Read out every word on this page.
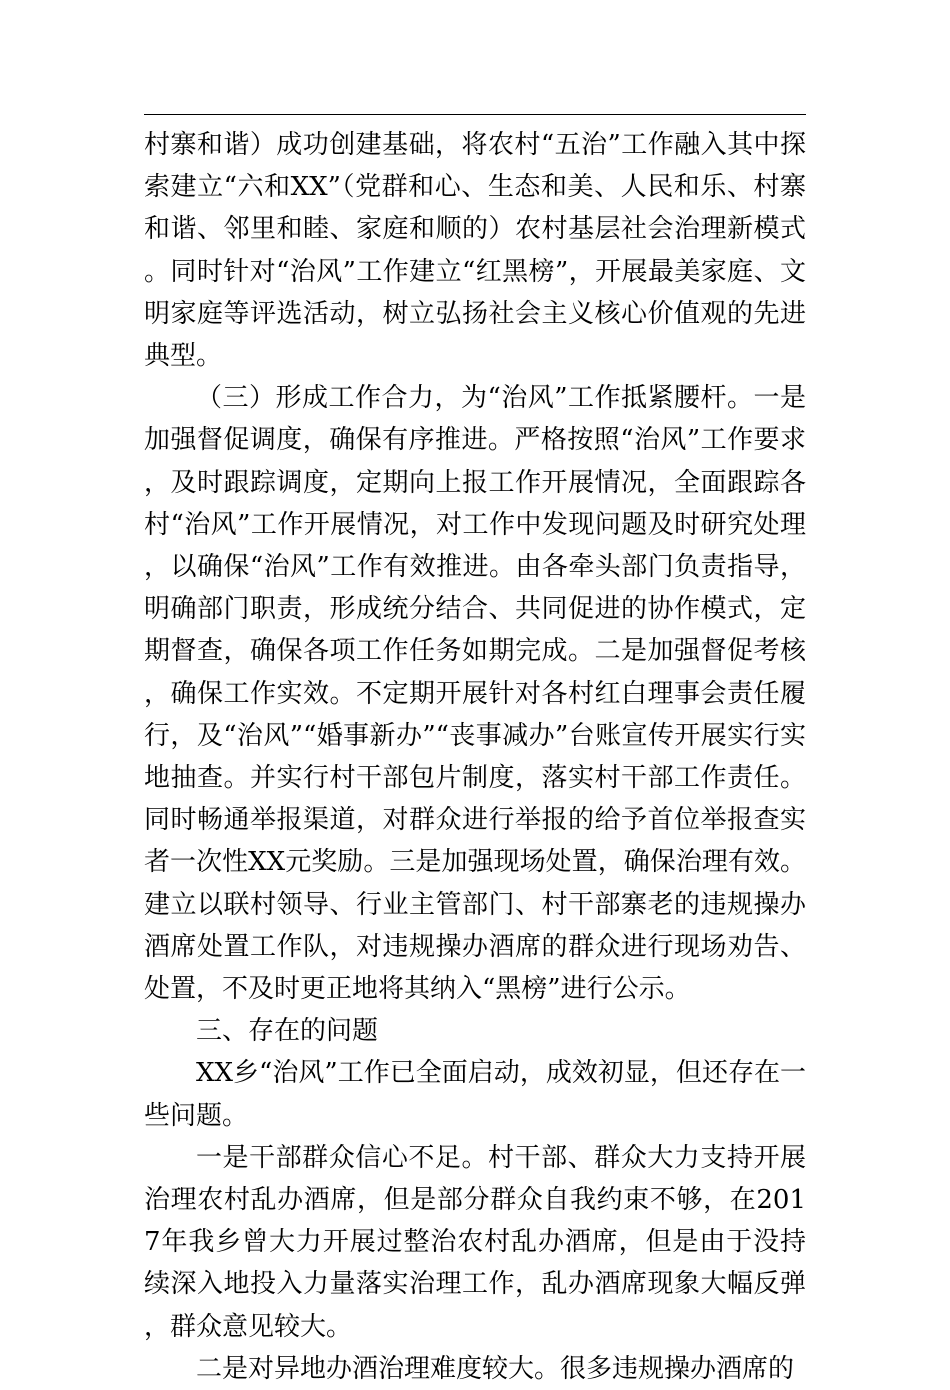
村寨和谐）成功创建基础，将农村“五治”工作融入其中探索建立“六和XX”（党群和心、生态和美、人民和乐、村寨和谐、邻里和睦、家庭和顺的）农村基层社会治理新模式。同时针对“治风”工作建立“红黑榜”，开展最美家庭、文明家庭等评选活动，树立弘扬社会主义核心价值观的先进典型。

（三）形成工作合力，为“治风”工作抵紧腰杆。一是加强督促调度，确保有序推进。严格按照“治风”工作要求，及时跟踪调度，定期向上报工作开展情况，全面跟踪各村“治风”工作开展情况，对工作中发现问题及时研究处理，以确保“治风”工作有效推进。由各牵头部门负责指导，明确部门职责，形成统分结合、共同促进的协作模式，定期督查，确保各项工作任务如期完成。二是加强督促考核，确保工作实效。不定期开展针对各村红白理事会责任履行，及“治风”“婚事新办”“丧事减办”台账宣传开展实行实地抽查。并实行村干部包片制度，落实村干部工作责任。同时畅通举报渠道，对群众进行举报的给予首位举报查实者一次性XX元奖励。三是加强现场处置，确保治理有效。建立以联村领导、行业主管部门、村干部寨老的违规操办酒席处置工作队，对违规操办酒席的群众进行现场劝告、处置，不及时更正地将其纳入“黑榜”进行公示。

三、存在的问题

XX乡“治风”工作已全面启动，成效初显，但还存在一些问题。

一是干部群众信心不足。村干部、群众大力支持开展治理农村乱办酒席，但是部分群众自我约束不够，在2017年我乡曾大力开展过整治农村乱办酒席，但是由于没持续深入地投入力量落实治理工作，乱办酒席现象大幅反弹，群众意见较大。

二是对异地办酒治理难度较大。很多违规操办酒席的
